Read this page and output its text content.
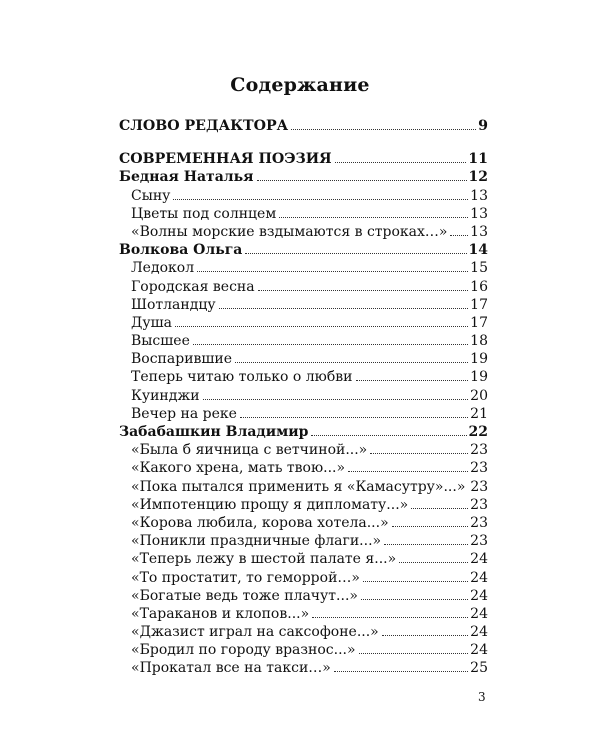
Содержание
СЛОВО РЕДАКТОРА	9
СОВРЕМЕННАЯ ПОЭЗИЯ	11
Бедная Наталья	12
Сыну	13
Цветы под солнцем	13
«Волны морские вздымаются в строках…» 13
Волкова Ольга	14
Ледокол	15
Городская весна	16
Шотландцу	17
Душа	17
Высшее	18
Воспарившие	19
Теперь читаю только о любви	19
Куинджи	20
Вечер на реке	21
Забабашкин Владимир	22
«Была б яичница с ветчиной...»	23
«Какого хрена, мать твою...»	23
«Пока пытался применить я «Камасутру»...» 23
«Импотенцию прощу я дипломату...»	23
«Корова любила, корова хотела...»	23
«Поникли праздничные флаги...»	23
«Теперь лежу в шестой палате я...»	24
«То простатит, то геморрой…»	24
«Богатые ведь тоже плачут...»	24
«Тараканов и клопов...»	24
«Джазист играл на саксофоне...»	24
«Бродил по городу вразнос...»	24
«Прокатал все на такси…»	25
3
